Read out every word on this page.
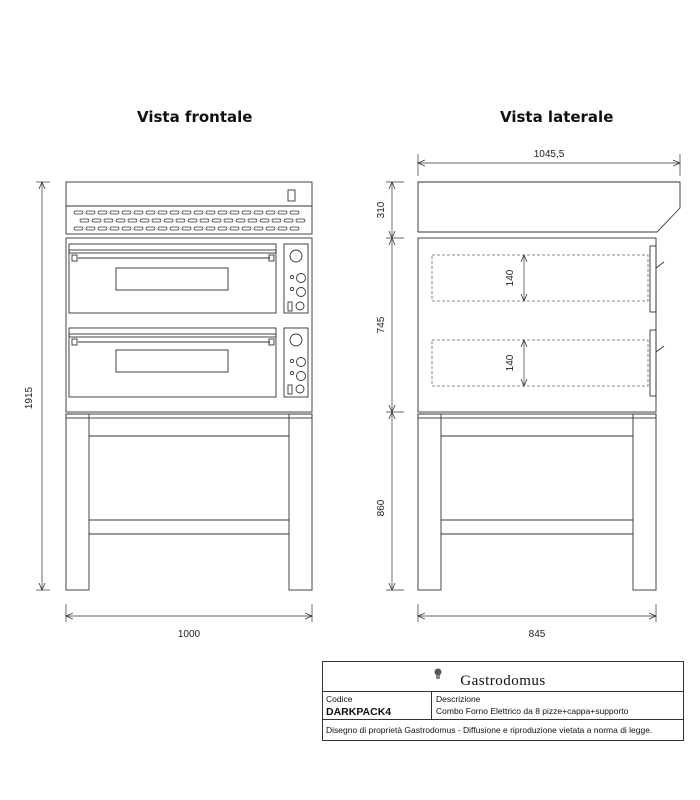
Vista frontale	Vista laterale
1915
1000
1045,5
310
745
860
140
140
845
Gastrodomus
Codice
DARKPACK4
Descrizione
Combo Forno Elettrico da 8 pizze+cappa+supporto
Disegno di proprietà Gastrodomus - Diffusione e riproduzione vietata a norma di legge.
